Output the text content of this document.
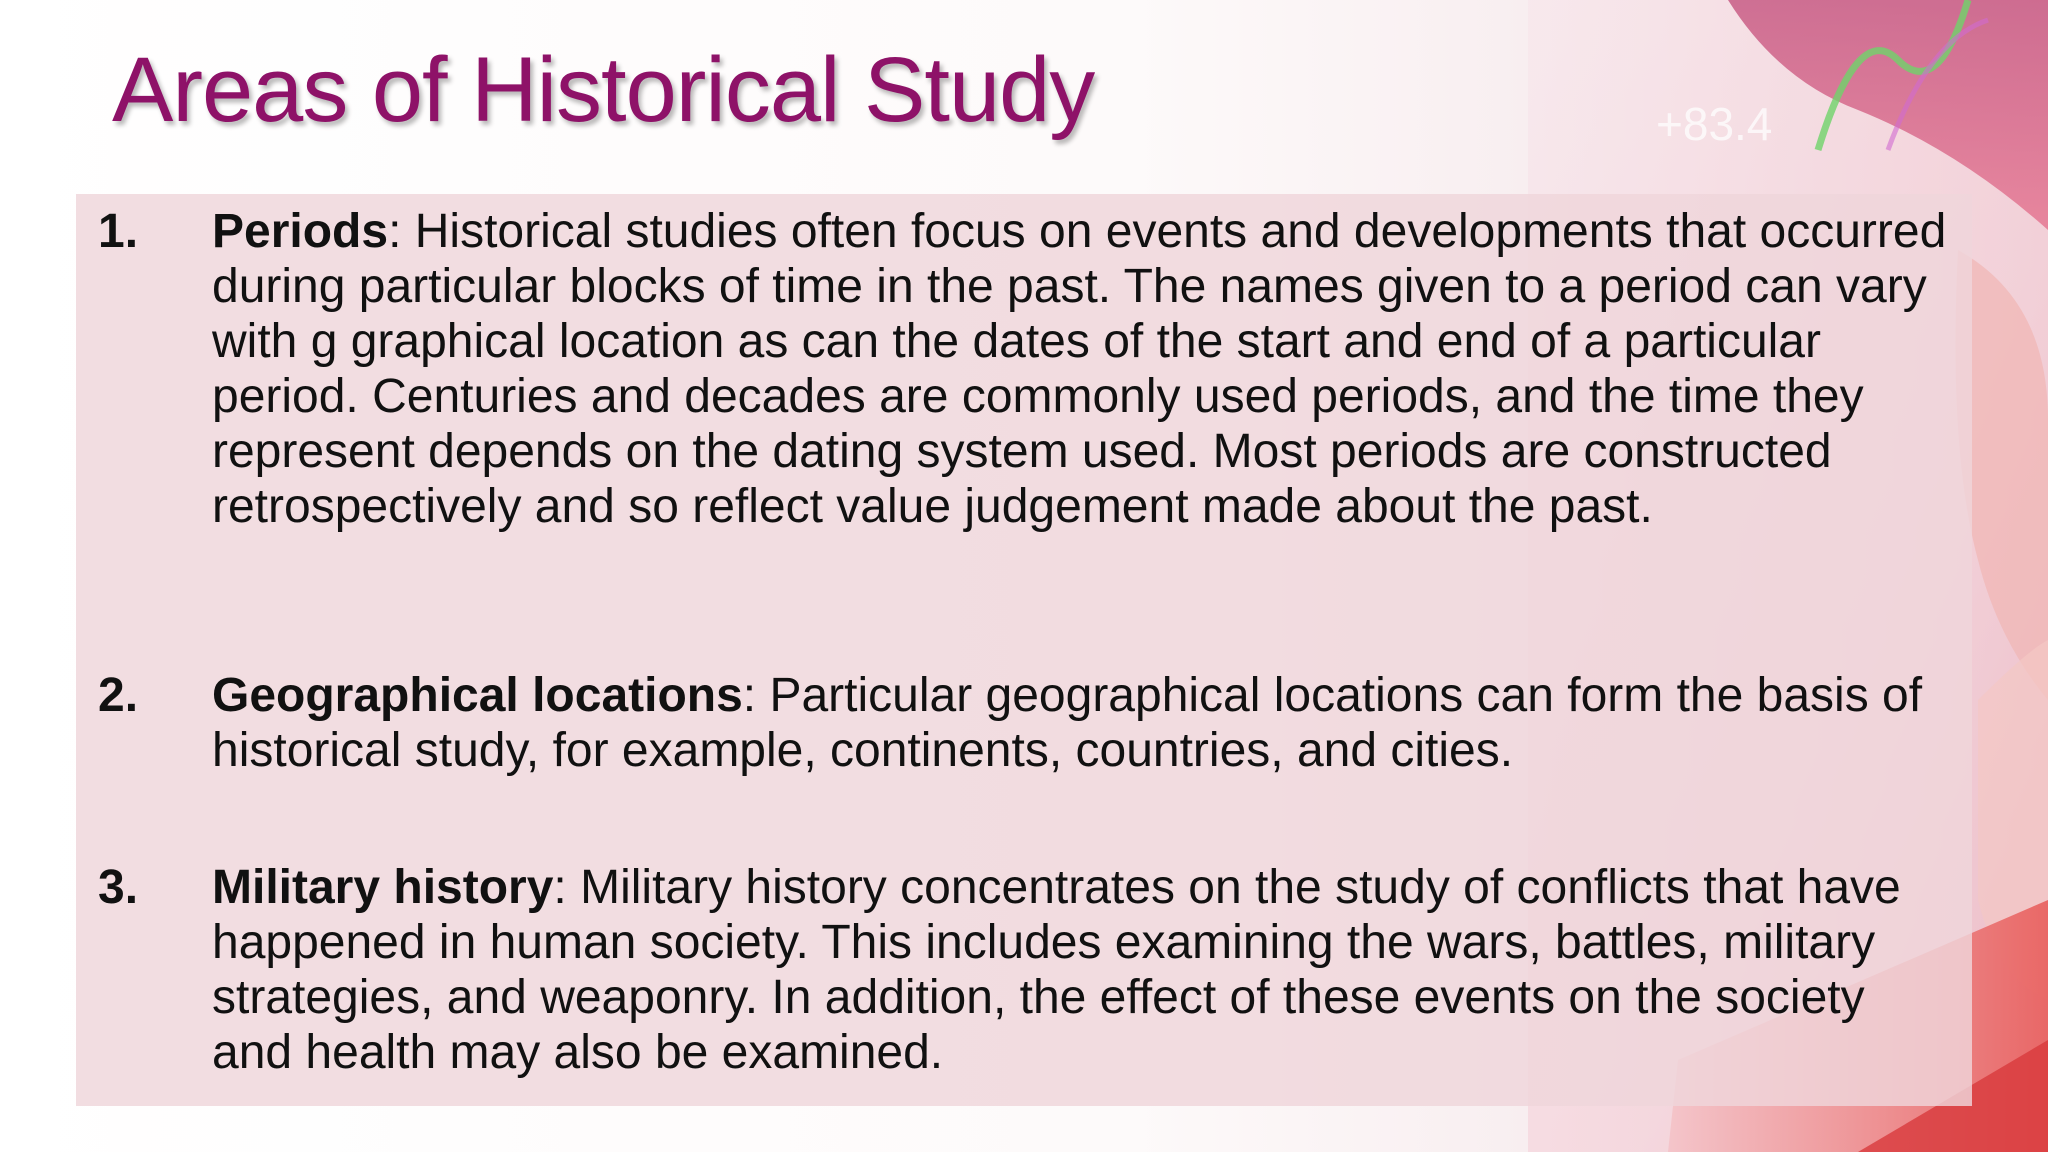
+83.4
Areas of Historical Study
1. Periods: Historical studies often focus on events and developments that occurred during particular blocks of time in the past. The names given to a period can vary with g graphical location as can the dates of the start and end of a particular period. Centuries and decades are commonly used periods, and the time they represent depends on the dating system used. Most periods are constructed retrospectively and so reflect value judgement made about the past.
2. Geographical locations: Particular geographical locations can form the basis of historical study, for example, continents, countries, and cities.
3. Military history: Military history concentrates on the study of conflicts that have happened in human society. This includes examining the wars, battles, military strategies, and weaponry. In addition, the effect of these events on the society and health may also be examined.
